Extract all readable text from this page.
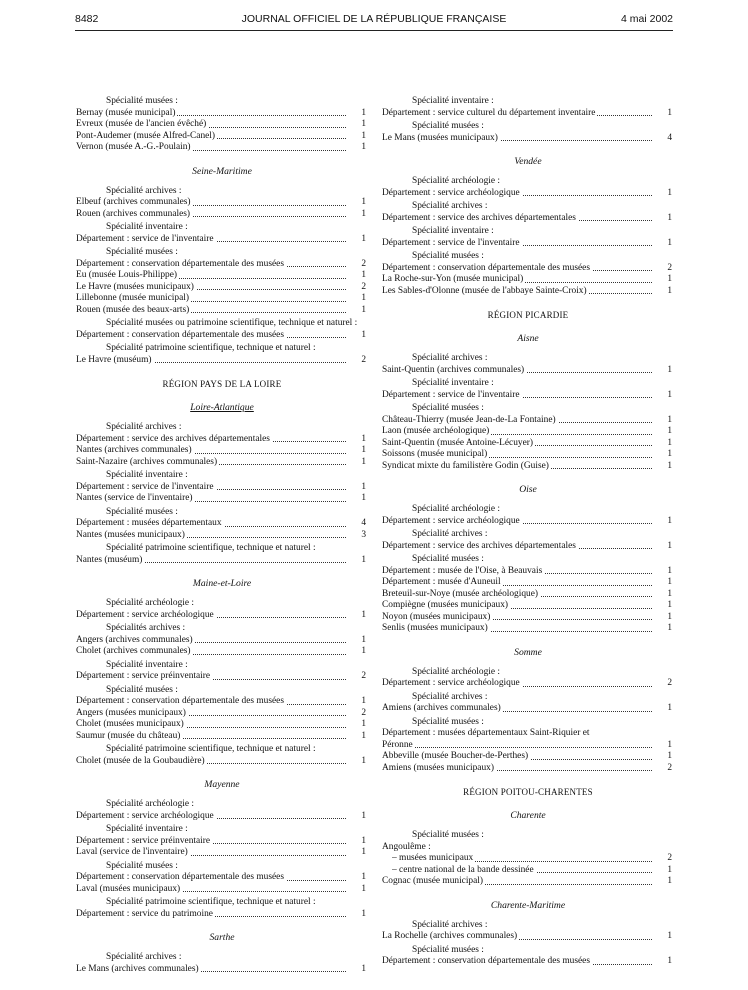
8482	JOURNAL OFFICIEL DE LA RÉPUBLIQUE FRANÇAISE	4 mai 2002
Spécialité musées :
Bernay (musée municipal)	1
Evreux (musée de l'ancien évêché)	1
Pont-Audemer (musée Alfred-Canel)	1
Vernon (musée A.-G.-Poulain)	1
Seine-Maritime
Spécialité archives :
Elbeuf (archives communales)	1
Rouen (archives communales)	1
Spécialité inventaire :
Département : service de l'inventaire	1
Spécialité musées :
Département : conservation départementale des musées	2
Eu (musée Louis-Philippe)	1
Le Havre (musées municipaux)	2
Lillebonne (musée municipal)	1
Rouen (musée des beaux-arts)	1
Spécialité musées ou patrimoine scientifique, technique et naturel :
Département : conservation départementale des musées	1
Spécialité patrimoine scientifique, technique et naturel :
Le Havre (muséum)	2
RÉGION PAYS DE LA LOIRE
Loire-Atlantique
Spécialité archives :
Département : service des archives départementales	1
Nantes (archives communales)	1
Saint-Nazaire (archives communales)	1
Spécialité inventaire :
Département : service de l'inventaire	1
Nantes (service de l'inventaire)	1
Spécialité musées :
Département : musées départementaux	4
Nantes (musées municipaux)	3
Spécialité patrimoine scientifique, technique et naturel :
Nantes (muséum)	1
Maine-et-Loire
Spécialité archéologie :
Département : service archéologique	1
Spécialités archives :
Angers (archives communales)	1
Cholet (archives communales)	1
Spécialité inventaire :
Département : service préinventaire	2
Spécialité musées :
Département : conservation départementale des musées	1
Angers (musées municipaux)	2
Cholet (musées municipaux)	1
Saumur (musée du château)	1
Spécialité patrimoine scientifique, technique et naturel :
Cholet (musée de la Goubaudière)	1
Mayenne
Spécialité archéologie :
Département : service archéologique	1
Spécialité inventaire :
Département : service préinventaire	1
Laval (service de l'inventaire)	1
Spécialité musées :
Département : conservation départementale des musées	1
Laval (musées municipaux)	1
Spécialité patrimoine scientifique, technique et naturel :
Département : service du patrimoine	1
Sarthe
Spécialité archives :
Le Mans (archives communales)	1
Spécialité inventaire :
Département : service culturel du département inventaire	1
Spécialité musées :
Le Mans (musées municipaux)	4
Vendée
Spécialité archéologie :
Département : service archéologique	1
Spécialité archives :
Département : service des archives départementales	1
Spécialité inventaire :
Département : service de l'inventaire	1
Spécialité musées :
Département : conservation départementale des musées	2
La Roche-sur-Yon (musée municipal)	1
Les Sables-d'Olonne (musée de l'abbaye Sainte-Croix)	1
RÉGION PICARDIE
Aisne
Spécialité archives :
Saint-Quentin (archives communales)	1
Spécialité inventaire :
Département : service de l'inventaire	1
Spécialité musées :
Château-Thierry (musée Jean-de-La Fontaine)	1
Laon (musée archéologique)	1
Saint-Quentin (musée Antoine-Lécuyer)	1
Soissons (musée municipal)	1
Syndicat mixte du familistère Godin (Guise)	1
Oise
Spécialité archéologie :
Département : service archéologique	1
Spécialité archives :
Département : service des archives départementales	1
Spécialité musées :
Département : musée de l'Oise, à Beauvais	1
Département : musée d'Auneuil	1
Breteuil-sur-Noye (musée archéologique)	1
Compiègne (musées municipaux)	1
Noyon (musées municipaux)	1
Senlis (musées municipaux)	1
Somme
Spécialité archéologie :
Département : service archéologique	2
Spécialité archives :
Amiens (archives communales)	1
Spécialité musées :
Département : musées départementaux Saint-Riquier et
Péronne	1
Abbeville (musée Boucher-de-Perthes)	1
Amiens (musées municipaux)	2
RÉGION POITOU-CHARENTES
Charente
Spécialité musées :
Angoulême :
– musées municipaux	2
– centre national de la bande dessinée	1
Cognac (musée municipal)	1
Charente-Maritime
Spécialité archives :
La Rochelle (archives communales)	1
Spécialité musées :
Département : conservation départementale des musées	1
